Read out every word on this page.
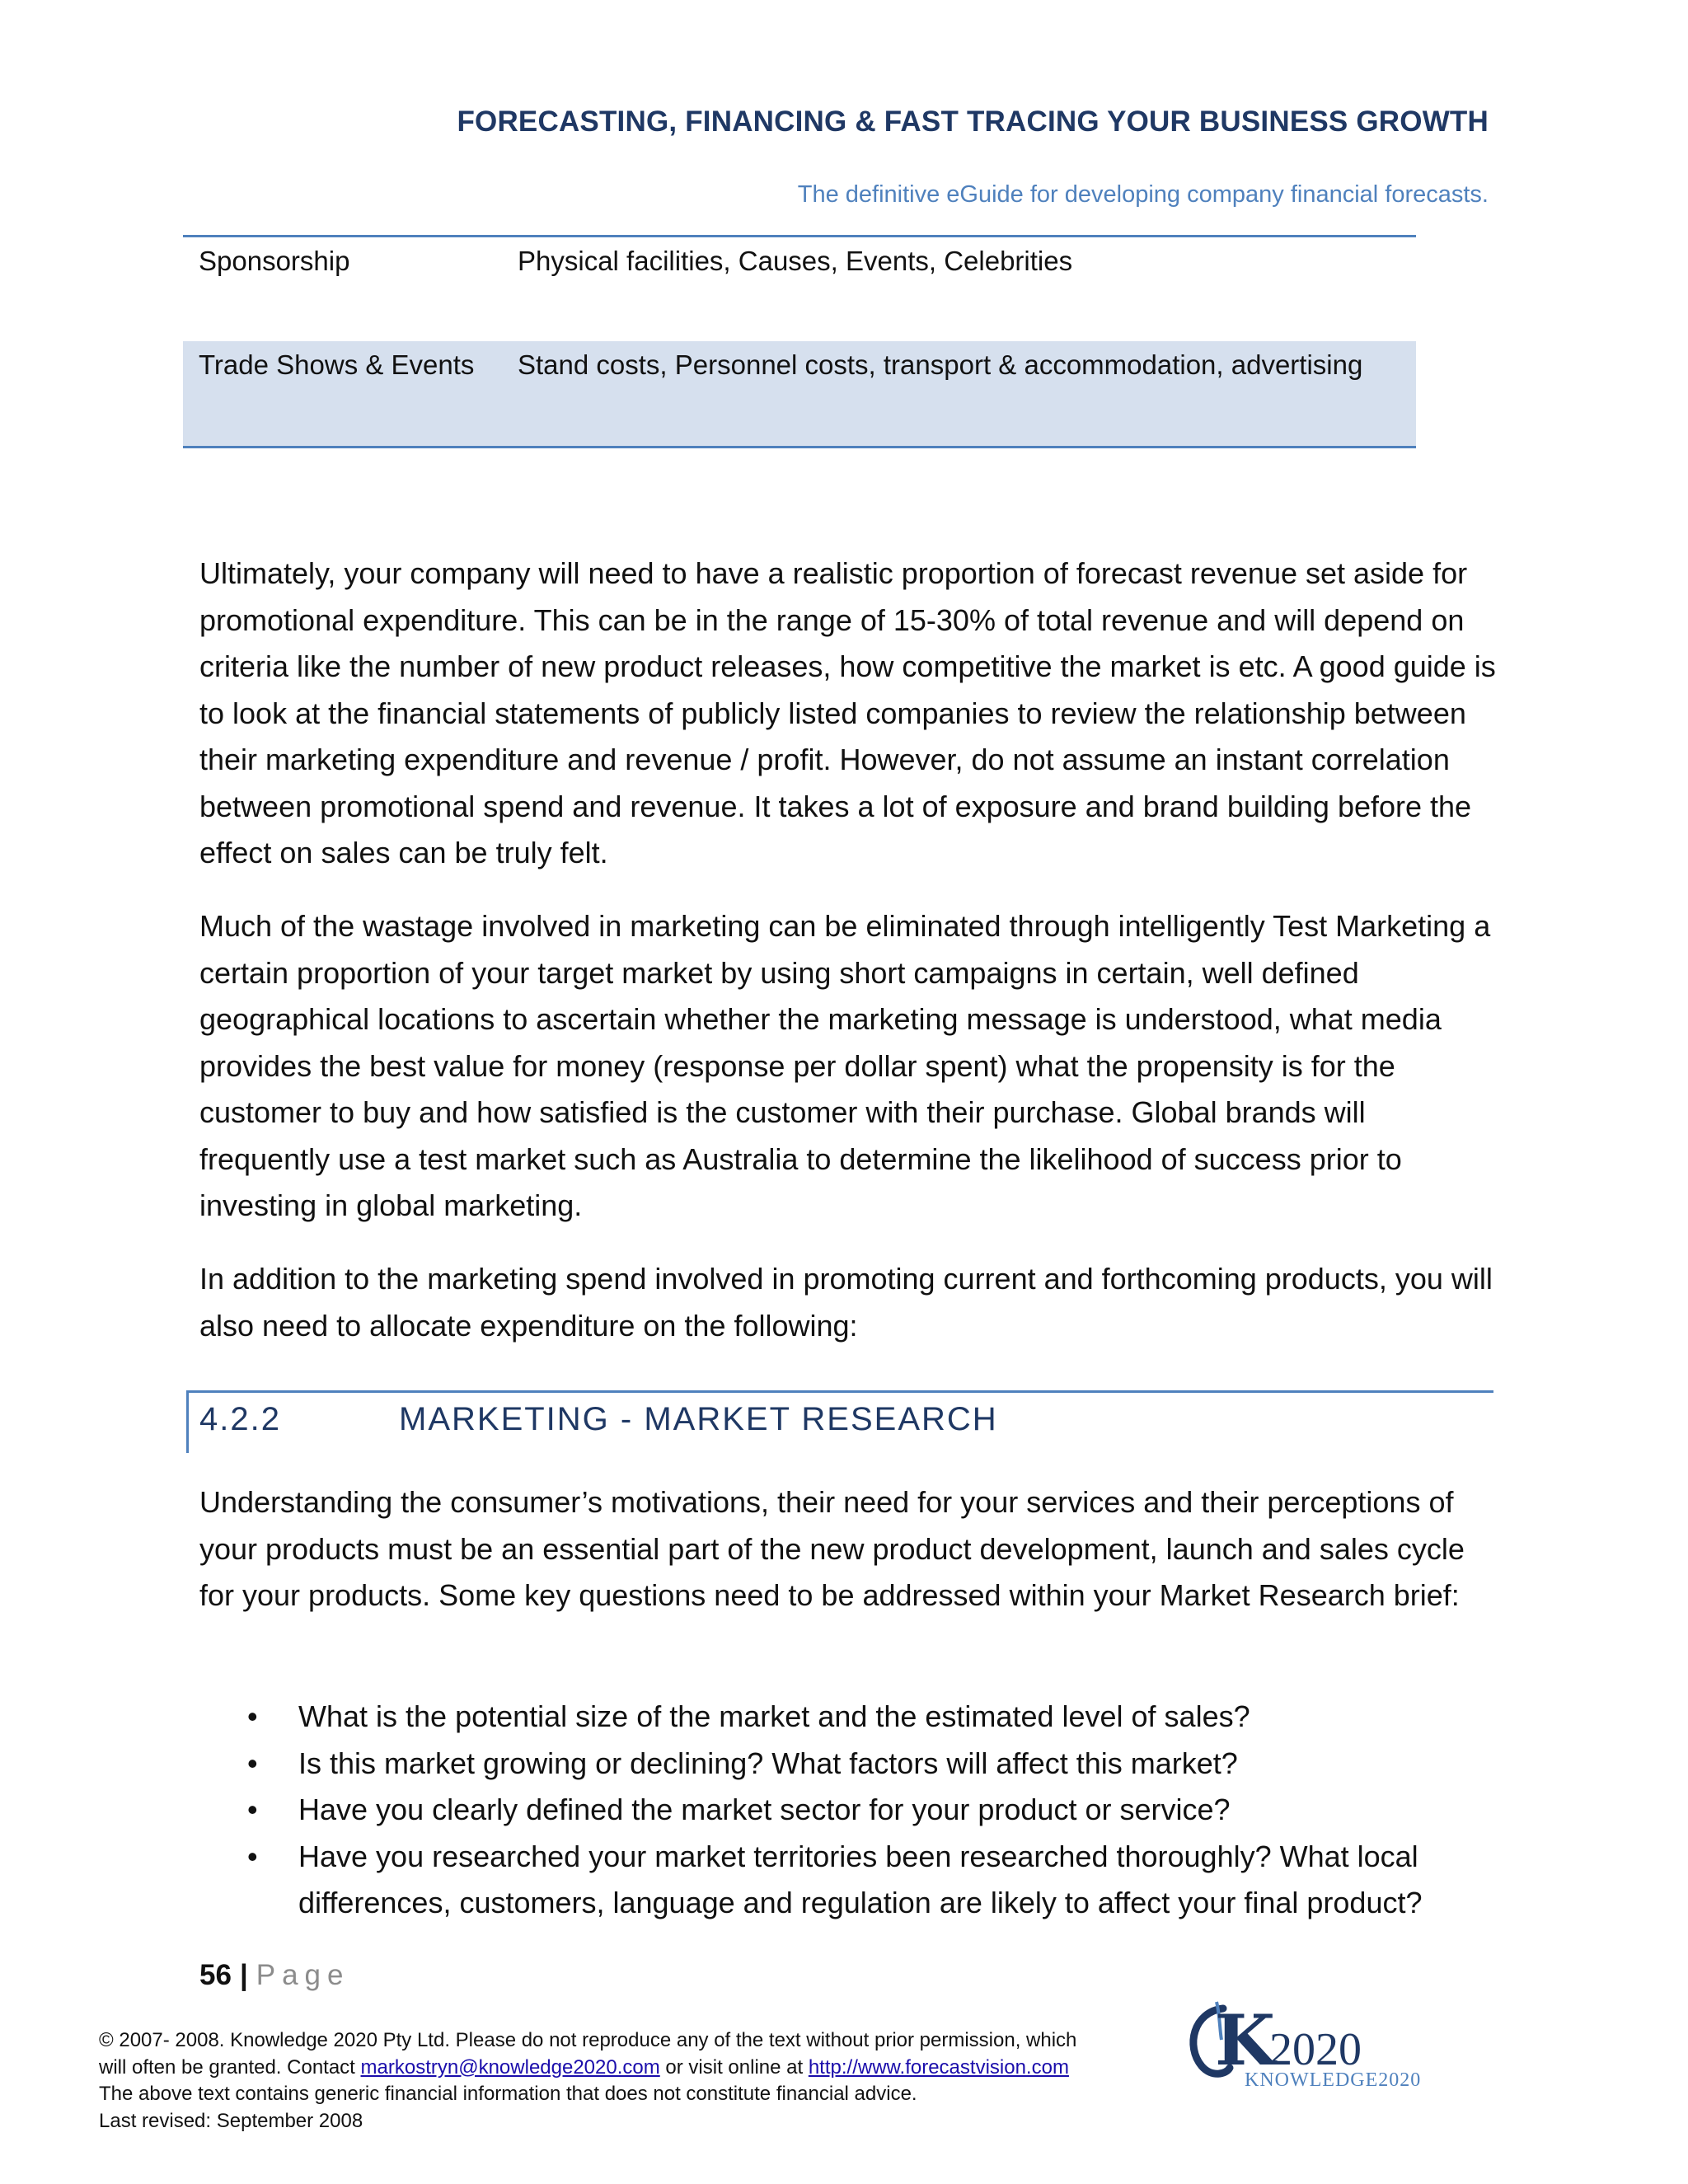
FORECASTING, FINANCING & FAST TRACING YOUR BUSINESS GROWTH
The definitive eGuide for developing company financial forecasts.
Sponsorship	Physical facilities, Causes, Events, Celebrities
Trade Shows & Events	Stand costs, Personnel costs, transport & accommodation, advertising

Ultimately, your company will need to have a realistic proportion of forecast revenue set aside for promotional expenditure. This can be in the range of 15-30% of total revenue and will depend on criteria like the number of new product releases, how competitive the market is etc. A good guide is to look at the financial statements of publicly listed companies to review the relationship between their marketing expenditure and revenue / profit. However, do not assume an instant correlation between promotional spend and revenue. It takes a lot of exposure and brand building before the effect on sales can be truly felt.

Much of the wastage involved in marketing can be eliminated through intelligently Test Marketing a certain proportion of your target market by using short campaigns in certain, well defined geographical locations to ascertain whether the marketing message is understood, what media provides the best value for money (response per dollar spent) what the propensity is for the customer to buy and how satisfied is the customer with their purchase. Global brands will frequently use a test market such as Australia to determine the likelihood of success prior to investing in global marketing.

In addition to the marketing spend involved in promoting current and forthcoming products, you will also need to allocate expenditure on the following:

4.2.2	MARKETING - MARKET RESEARCH

Understanding the consumer’s motivations, their need for your services and their perceptions of your products must be an essential part of the new product development, launch and sales cycle for your products. Some key questions need to be addressed within your Market Research brief:

• What is the potential size of the market and the estimated level of sales?
• Is this market growing or declining? What factors will affect this market?
• Have you clearly defined the market sector for your product or service?
• Have you researched your market territories been researched thoroughly? What local differences, customers, language and regulation are likely to affect your final product?
56 | Page
© 2007- 2008. Knowledge 2020 Pty Ltd. Please do not reproduce any of the text without prior permission, which
will often be granted. Contact markostryn@knowledge2020.com or visit online at http://www.forecastvision.com
The above text contains generic financial information that does not constitute financial advice.
Last revised: September 2008
K
2020
KNOWLEDGE2020
